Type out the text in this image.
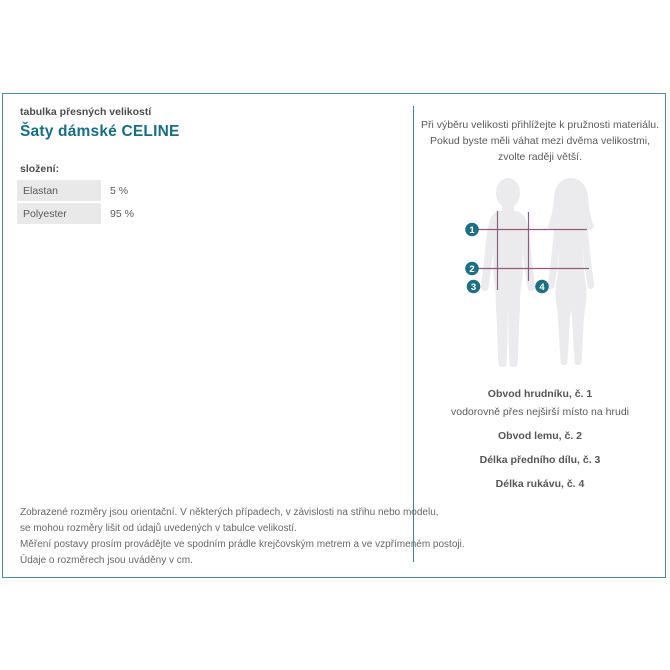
tabulka přesných velikostí
Šaty dámské CELINE
složení:
Elastan	5 %
Polyester	95 %
Zobrazené rozměry jsou orientační. V některých případech, v závislosti na střihu nebo modelu,
se mohou rozměry lišit od údajů uvedených v tabulce velikostí.
Měření postavy prosím provádějte ve spodním prádle krejčovským metrem a ve vzpřímeném postoji.
Údaje o rozměrech jsou uváděny v cm.
Při výběru velikosti přihlížejte k pružnosti materiálu.
Pokud byste měli váhat mezi dvěma velikostmi,
zvolte raději větší.
1
2
3	4
Obvod hrudníku, č. 1
vodorovně přes nejširší místo na hrudi
Obvod lemu, č. 2
Délka předního dílu, č. 3
Délka rukávu, č. 4
